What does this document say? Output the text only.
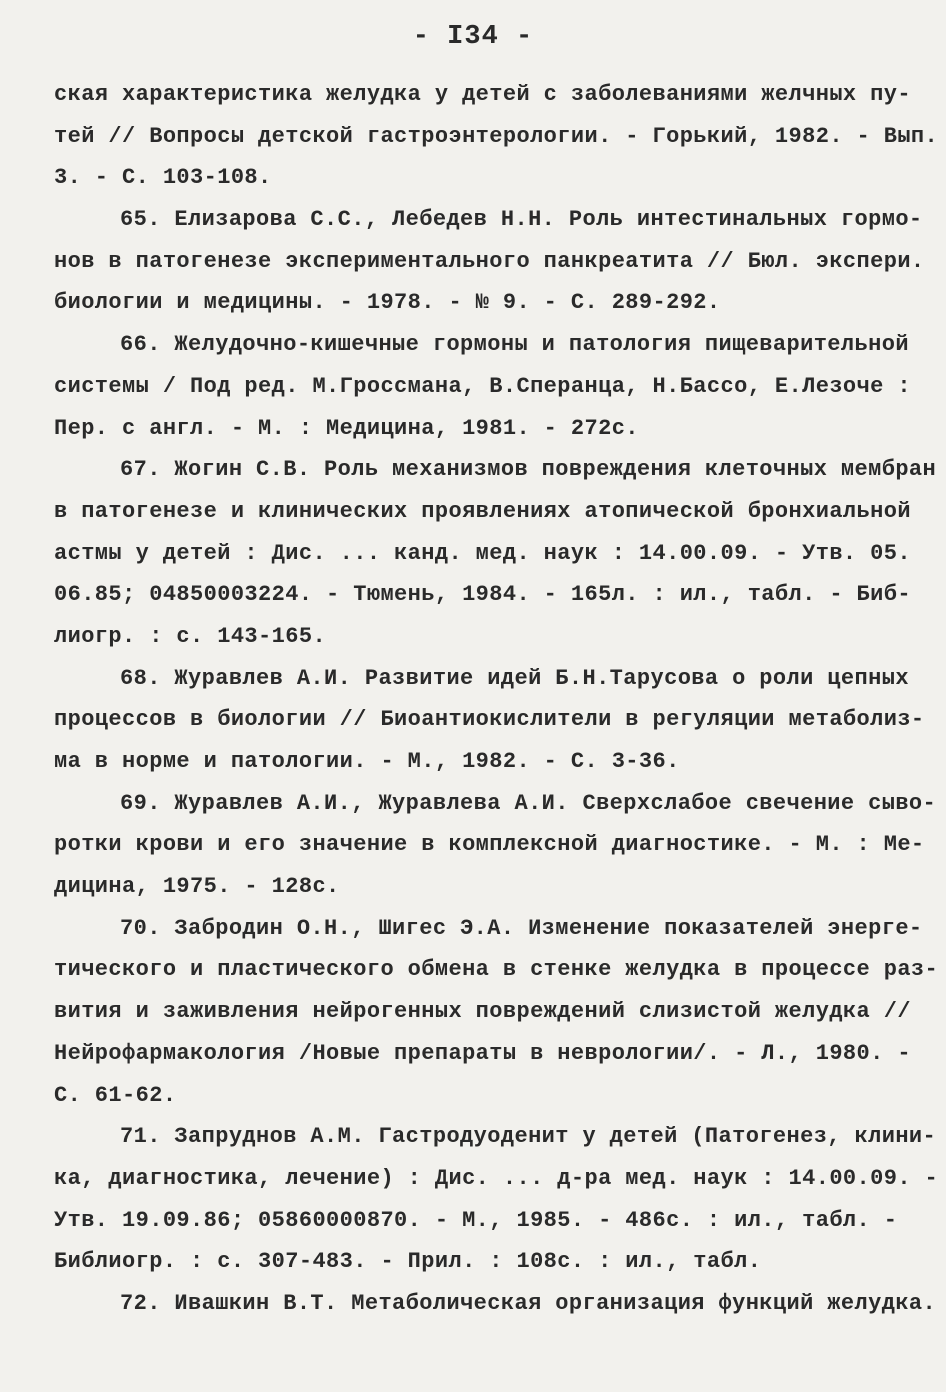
- I34 -
ская характеристика желудка у детей с заболеваниями желчных пу-
тей // Вопросы детской гастроэнтерологии. - Горький, 1982. - Вып.
3. - С. 103-108.
65. Елизарова С.С., Лебедев Н.Н. Роль интестинальных гормо-
нов в патогенезе экспериментального панкреатита // Бюл. экспери.
биологии и медицины. - 1978. - № 9. - С. 289-292.
66. Желудочно-кишечные гормоны и патология пищеварительной
системы / Под ред. М.Гроссмана, В.Сперанца, Н.Бассо, Е.Лезоче :
Пер. с англ. - М. : Медицина, 1981. - 272с.
67. Жогин С.В. Роль механизмов повреждения клеточных мембран
в патогенезе и клинических проявлениях атопической бронхиальной
астмы у детей : Дис. ... канд. мед. наук : 14.00.09. - Утв. 05.
06.85; 04850003224. - Тюмень, 1984. - 165л. : ил., табл. - Биб-
лиогр. : с. 143-165.
68. Журавлев А.И. Развитие идей Б.Н.Тарусова о роли цепных
процессов в биологии // Биоантиокислители в регуляции метаболиз-
ма в норме и патологии. - М., 1982. - С. 3-36.
69. Журавлев А.И., Журавлева А.И. Сверхслабое свечение сыво-
ротки крови и его значение в комплексной диагностике. - М. : Ме-
дицина, 1975. - 128с.
70. Забродин О.Н., Шигес Э.А. Изменение показателей энерге-
тического и пластического обмена в стенке желудка в процессе раз-
вития и заживления нейрогенных повреждений слизистой желудка //
Нейрофармакология /Новые препараты в неврологии/. - Л., 1980. -
С. 61-62.
71. Запруднов А.М. Гастродуоденит у детей (Патогенез, клини-
ка, диагностика, лечение) : Дис. ... д-ра мед. наук : 14.00.09. -
Утв. 19.09.86; 05860000870. - М., 1985. - 486с. : ил., табл. -
Библиогр. : с. 307-483. - Прил. : 108с. : ил., табл.
72. Ивашкин В.Т. Метаболическая организация функций желудка.
